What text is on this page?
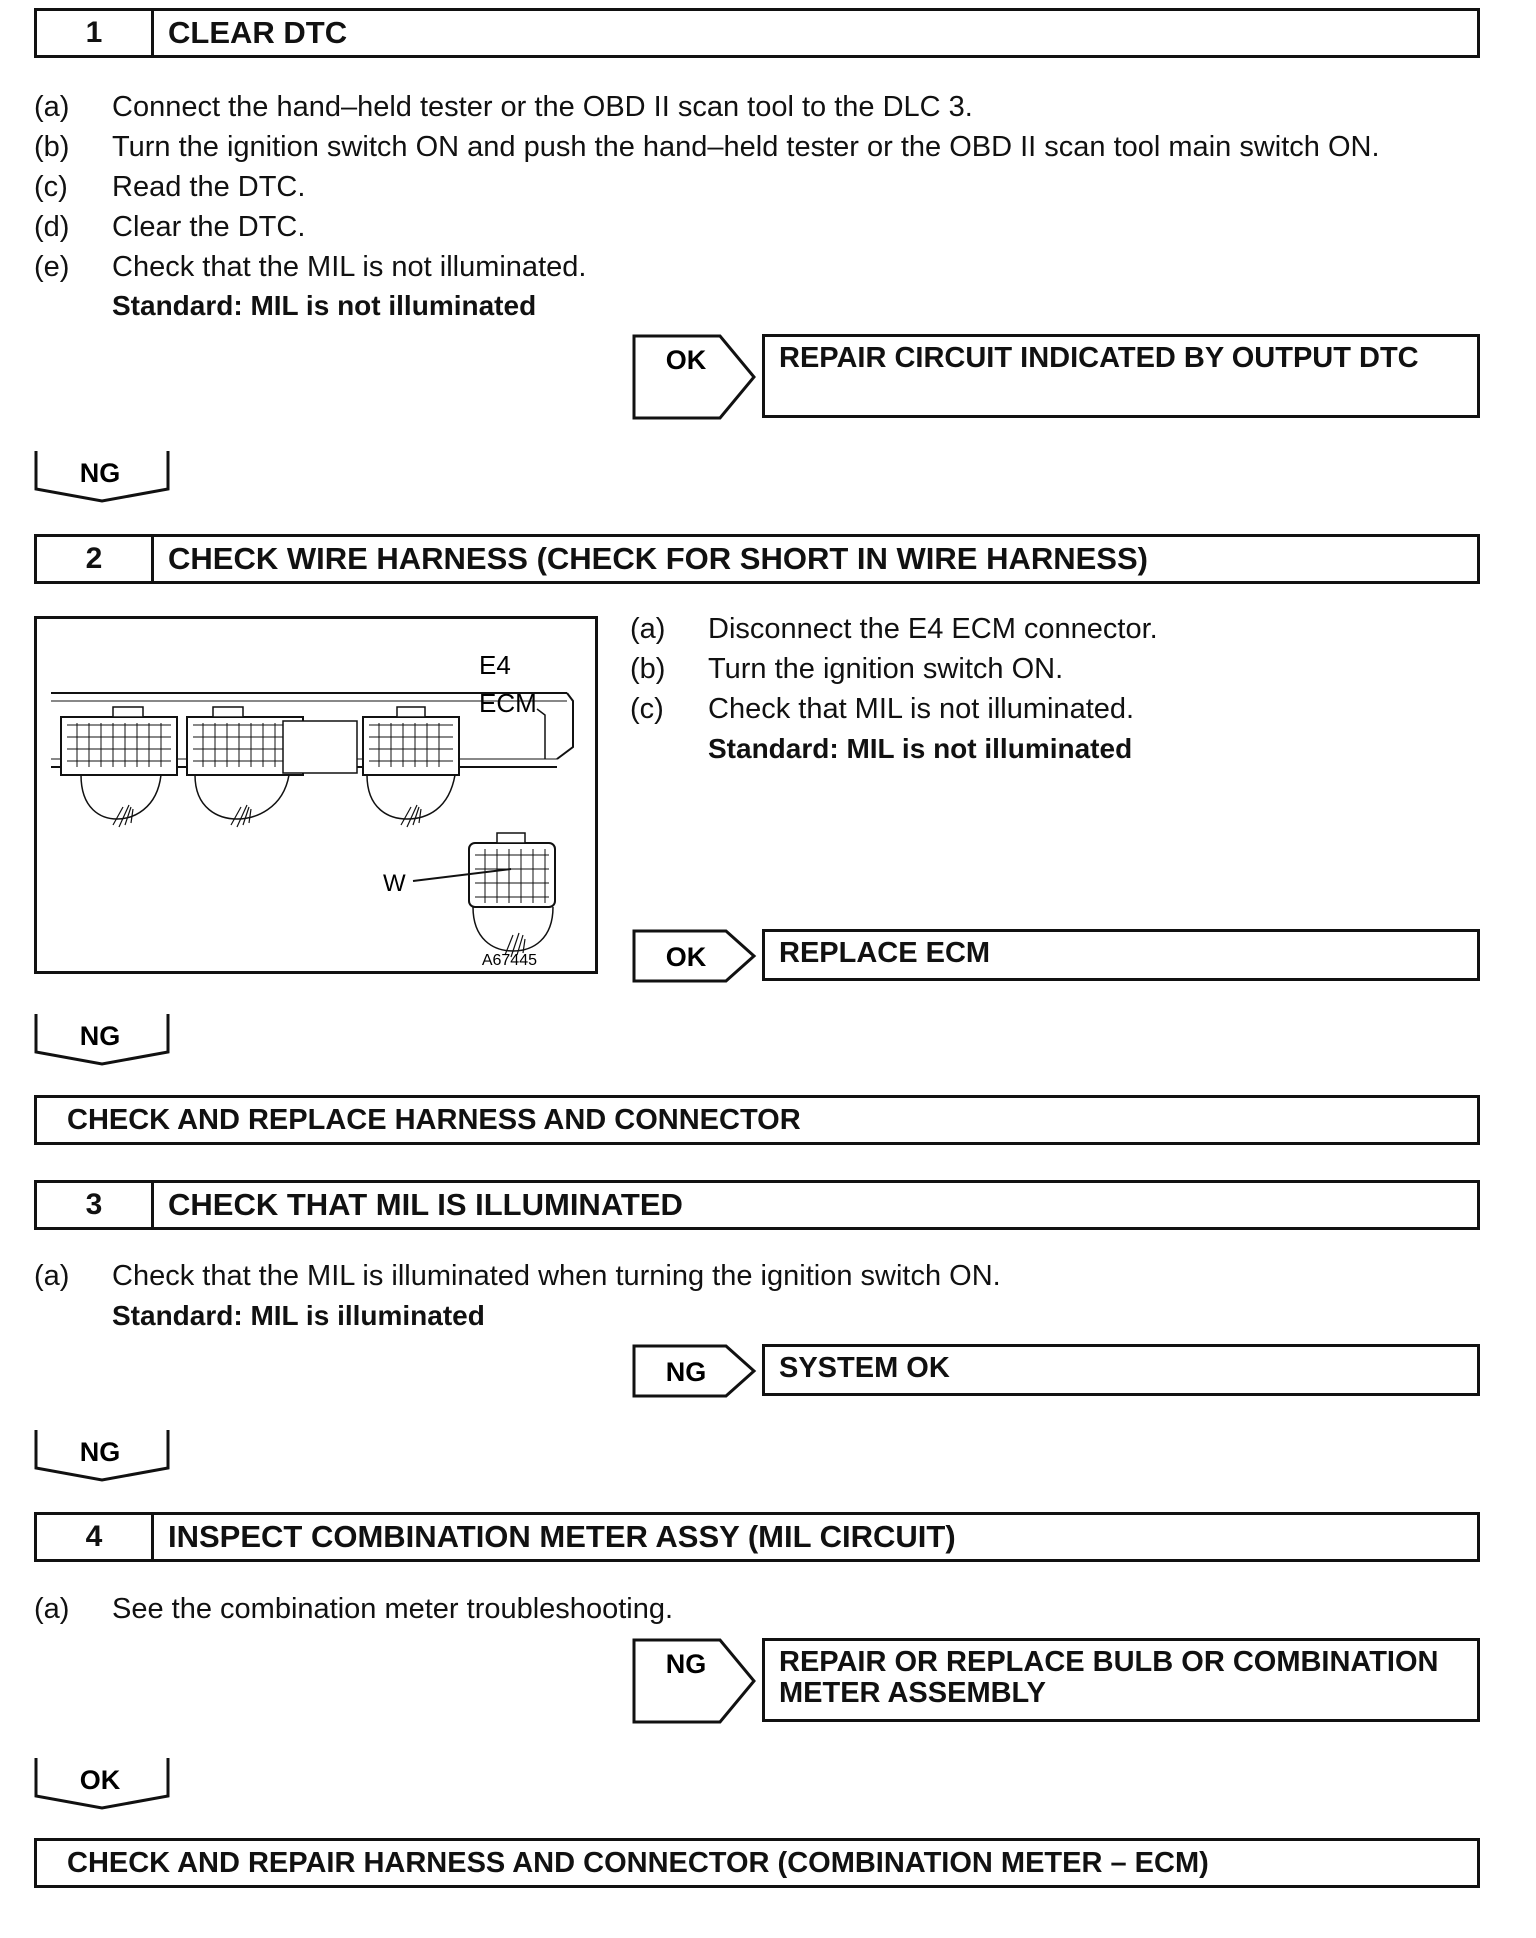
1	CLEAR DTC
(a) Connect the hand–held tester or the OBD II scan tool to the DLC 3.
(b) Turn the ignition switch ON and push the hand–held tester or the OBD II scan tool main switch ON.
(c) Read the DTC.
(d) Clear the DTC.
(e) Check that the MIL is not illuminated.
Standard: MIL is not illuminated
OK	REPAIR CIRCUIT INDICATED BY OUTPUT DTC
NG
2	CHECK WIRE HARNESS (CHECK FOR SHORT IN WIRE HARNESS)
E4
ECM
W
A67445
(a) Disconnect the E4 ECM connector.
(b) Turn the ignition switch ON.
(c) Check that MIL is not illuminated.
Standard: MIL is not illuminated
OK	REPLACE ECM
NG
CHECK AND REPLACE HARNESS AND CONNECTOR
3	CHECK THAT MIL IS ILLUMINATED
(a) Check that the MIL is illuminated when turning the ignition switch ON.
Standard: MIL is illuminated
NG	SYSTEM OK
NG
4	INSPECT COMBINATION METER ASSY (MIL CIRCUIT)
(a) See the combination meter troubleshooting.
NG	REPAIR OR REPLACE BULB OR COMBINATION
METER ASSEMBLY
OK
CHECK AND REPAIR HARNESS AND CONNECTOR (COMBINATION METER – ECM)
